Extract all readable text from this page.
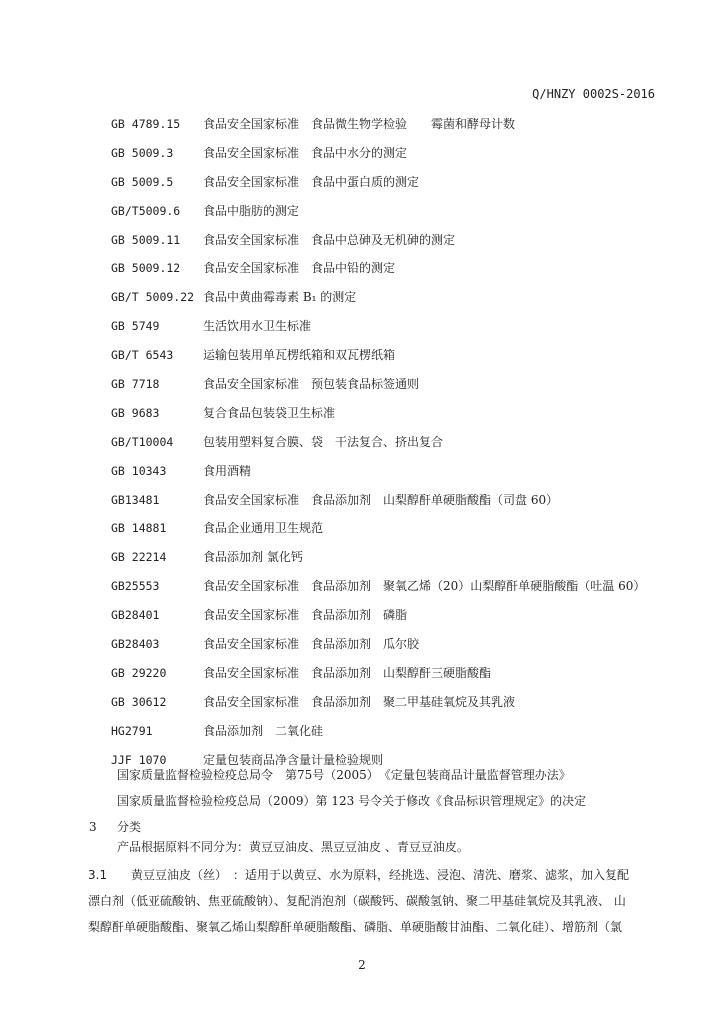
Q/HNZY 0002S-2016
GB 4789.15 食品安全国家标准　食品微生物学检验　　霉菌和酵母计数
GB 5009.3 食品安全国家标准　食品中水分的测定
GB 5009.5 食品安全国家标准　食品中蛋白质的测定
GB/T5009.6 食品中脂肪的测定
GB 5009.11 食品安全国家标准　食品中总砷及无机砷的测定
GB 5009.12 食品安全国家标准　食品中铅的测定
GB/T 5009.22 食品中黄曲霉毒素 B₁ 的测定
GB 5749	生活饮用水卫生标准
GB/T 6543 运输包装用单瓦楞纸箱和双瓦楞纸箱
GB 7718	食品安全国家标准　预包装食品标签通则
GB 9683	复合食品包装袋卫生标准
GB/T10004 包装用塑料复合膜、袋　干法复合、挤出复合
GB 10343	食用酒精
GB13481	食品安全国家标准　食品添加剂　山梨醇酐单硬脂酸酯（司盘 60）
GB 14881	食品企业通用卫生规范
GB 22214	食品添加剂 氯化钙
GB25553	食品安全国家标准　食品添加剂　聚氧乙烯（20）山梨醇酐单硬脂酸酯（吐温 60）
GB28401	食品安全国家标准　食品添加剂　磷脂
GB28403	食品安全国家标准　食品添加剂　瓜尔胶
GB 29220	食品安全国家标准　食品添加剂　山梨醇酐三硬脂酸酯
GB 30612	食品安全国家标准　食品添加剂　聚二甲基硅氧烷及其乳液
HG2791	食品添加剂　二氧化硅
JJF 1070	定量包装商品净含量计量检验规则
国家质量监督检验检疫总局令　第75号（2005）　《定量包装商品计量监督管理办法》
国家质量监督检验检疫总局（2009）第 123 号令关于修改《食品标识管理规定》的决定
3 分类
产品根据原料不同分为：黄豆豆油皮、黑豆豆油皮 、青豆豆油皮。
3.1 黄豆豆油皮（丝）　：适用于以黄豆、水为原料，经挑选、浸泡、清洗、磨浆、滤浆，加入复配
漂白剂（低亚硫酸钠、焦亚硫酸钠）、复配消泡剂（碳酸钙、碳酸氢钠、聚二甲基硅氧烷及其乳液、 山
梨醇酐单硬脂酸酯、聚氧乙烯山梨醇酐单硬脂酸酯、磷脂、单硬脂酸甘油酯、二氧化硅）、增筋剂（氯
2
